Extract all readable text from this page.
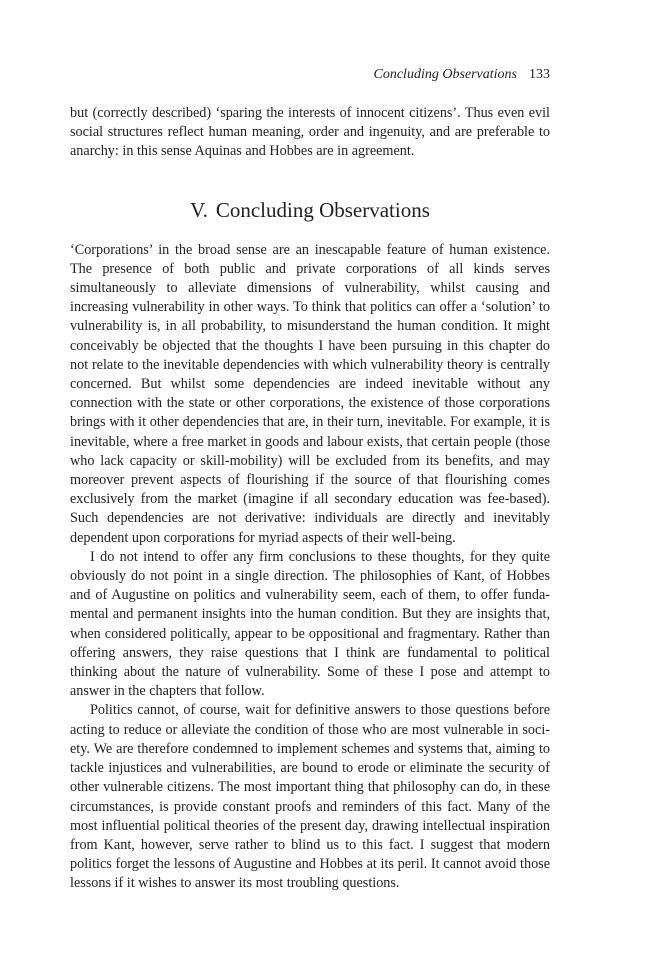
Concluding Observations 133

but (correctly described) ‘sparing the interests of innocent citizens’. Thus even evil social structures reflect human meaning, order and ingenuity, and are preferable to anarchy: in this sense Aquinas and Hobbes are in agreement.

V. Concluding Observations

‘Corporations’ in the broad sense are an inescapable feature of human existence. The presence of both public and private corporations of all kinds serves simultaneously to alleviate dimensions of vulnerability, whilst causing and increasing vulnerability in other ways. To think that politics can offer a ‘solution’ to vulnerability is, in all probability, to misunderstand the human condition. It might conceivably be objected that the thoughts I have been pursuing in this chapter do not relate to the inevitable dependencies with which vulnerability theory is centrally concerned. But whilst some dependencies are indeed inevitable without any connection with the state or other corporations, the existence of those corporations brings with it other dependencies that are, in their turn, inevitable. For example, it is inevitable, where a free market in goods and labour exists, that certain people (those who lack capacity or skill-mobility) will be excluded from its benefits, and may moreover prevent aspects of flourishing if the source of that flourishing comes exclusively from the market (imagine if all secondary education was fee-based). Such dependencies are not derivative: individuals are directly and inevitably dependent upon corporations for myriad aspects of their well-being.

I do not intend to offer any firm conclusions to these thoughts, for they quite obviously do not point in a single direction. The philosophies of Kant, of Hobbes and of Augustine on politics and vulnerability seem, each of them, to offer fundamental and permanent insights into the human condition. But they are insights that, when considered politically, appear to be oppositional and fragmentary. Rather than offering answers, they raise questions that I think are fundamental to political thinking about the nature of vulnerability. Some of these I pose and attempt to answer in the chapters that follow.

Politics cannot, of course, wait for definitive answers to those questions before acting to reduce or alleviate the condition of those who are most vulnerable in society. We are therefore condemned to implement schemes and systems that, aiming to tackle injustices and vulnerabilities, are bound to erode or eliminate the security of other vulnerable citizens. The most important thing that philosophy can do, in these circumstances, is provide constant proofs and reminders of this fact. Many of the most influential political theories of the present day, drawing intellectual inspiration from Kant, however, serve rather to blind us to this fact. I suggest that modern politics forget the lessons of Augustine and Hobbes at its peril. It cannot avoid those lessons if it wishes to answer its most troubling questions.
